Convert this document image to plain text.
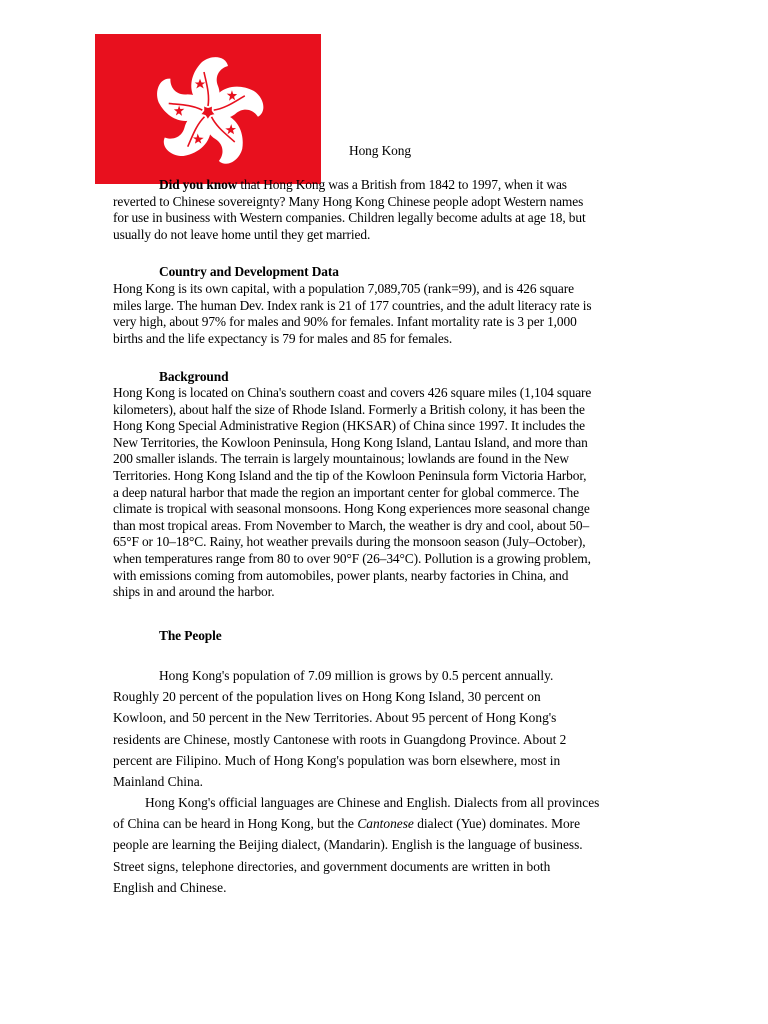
Hong Kong
Did you know that Hong Kong was a British from 1842 to 1997, when it was
reverted to Chinese sovereignty? Many Hong Kong Chinese people adopt Western names
for use in business with Western companies. Children legally become adults at age 18, but
usually do not leave home until they get married.
Country and Development Data
Hong Kong is its own capital, with a population 7,089,705 (rank=99), and is 426 square
miles large. The human Dev. Index rank is 21 of 177 countries, and the adult literacy rate is
very high, about 97% for males and 90% for females. Infant mortality rate is 3 per 1,000
births and the life expectancy is 79 for males and 85 for females.
Background
Hong Kong is located on China's southern coast and covers 426 square miles (1,104 square
kilometers), about half the size of Rhode Island. Formerly a British colony, it has been the
Hong Kong Special Administrative Region (HKSAR) of China since 1997. It includes the
New Territories, the Kowloon Peninsula, Hong Kong Island, Lantau Island, and more than
200 smaller islands. The terrain is largely mountainous; lowlands are found in the New
Territories. Hong Kong Island and the tip of the Kowloon Peninsula form Victoria Harbor,
a deep natural harbor that made the region an important center for global commerce. The
climate is tropical with seasonal monsoons. Hong Kong experiences more seasonal change
than most tropical areas. From November to March, the weather is dry and cool, about 50–
65°F or 10–18°C. Rainy, hot weather prevails during the monsoon season (July–October),
when temperatures range from 80 to over 90°F (26–34°C). Pollution is a growing problem,
with emissions coming from automobiles, power plants, nearby factories in China, and
ships in and around the harbor.
The People
Hong Kong's population of 7.09 million is grows by 0.5 percent annually.
Roughly 20 percent of the population lives on Hong Kong Island, 30 percent on
Kowloon, and 50 percent in the New Territories. About 95 percent of Hong Kong's
residents are Chinese, mostly Cantonese with roots in Guangdong Province. About 2
percent are Filipino. Much of Hong Kong's population was born elsewhere, most in
Mainland China.
Hong Kong's official languages are Chinese and English. Dialects from all provinces
of China can be heard in Hong Kong, but the Cantonese dialect (Yue) dominates. More
people are learning the Beijing dialect, (Mandarin). English is the language of business.
Street signs, telephone directories, and government documents are written in both
English and Chinese.
